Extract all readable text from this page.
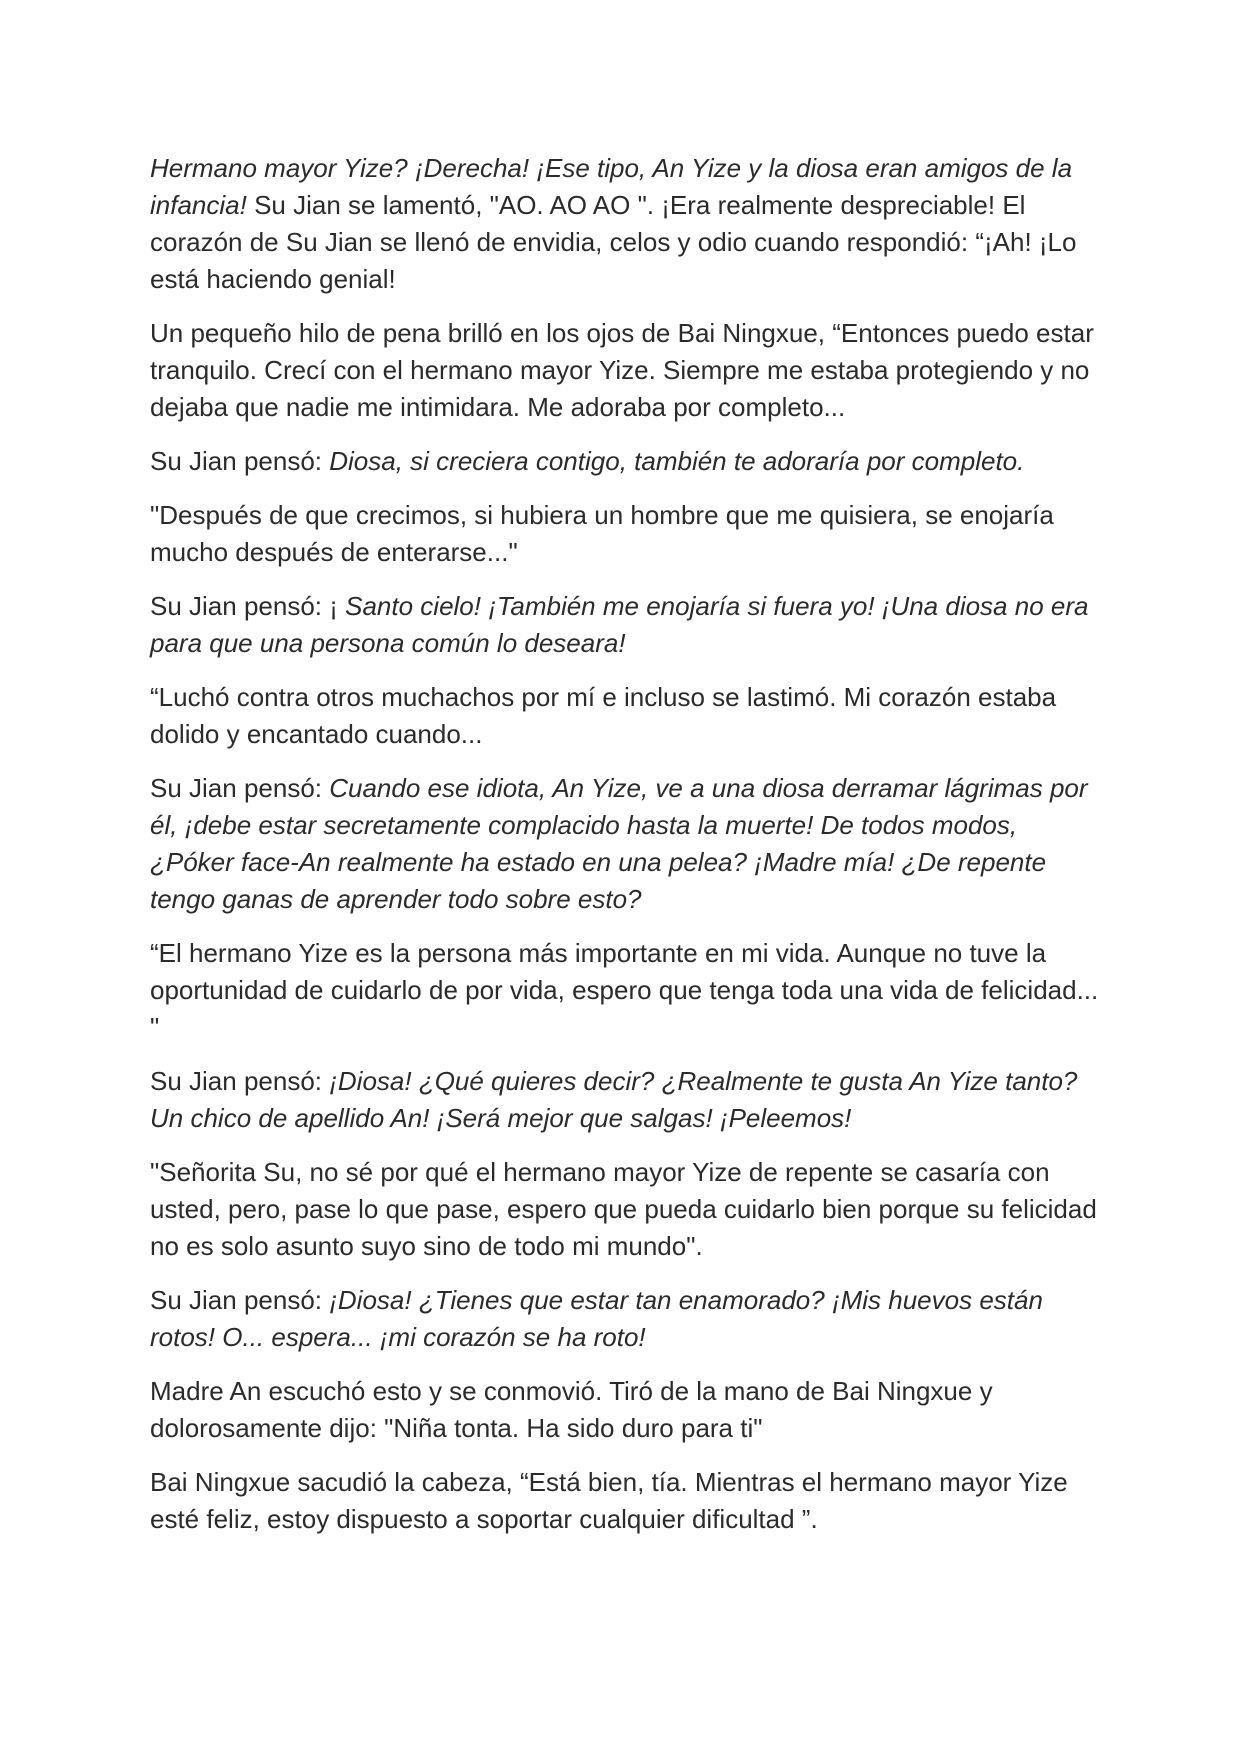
Hermano mayor Yize? ¡Derecha! ¡Ese tipo, An Yize y la diosa eran amigos de la infancia! Su Jian se lamentó, "AO. AO AO ". ¡Era realmente despreciable! El corazón de Su Jian se llenó de envidia, celos y odio cuando respondió: “¡Ah! ¡Lo está haciendo genial!

Un pequeño hilo de pena brilló en los ojos de Bai Ningxue, “Entonces puedo estar tranquilo. Crecí con el hermano mayor Yize. Siempre me estaba protegiendo y no dejaba que nadie me intimidara. Me adoraba por completo...

Su Jian pensó: Diosa, si creciera contigo, también te adoraría por completo.

"Después de que crecimos, si hubiera un hombre que me quisiera, se enojaría mucho después de enterarse..."

Su Jian pensó: ¡ Santo cielo! ¡También me enojaría si fuera yo! ¡Una diosa no era para que una persona común lo deseara!

“Luchó contra otros muchachos por mí e incluso se lastimó. Mi corazón estaba dolido y encantado cuando...

Su Jian pensó: Cuando ese idiota, An Yize, ve a una diosa derramar lágrimas por él, ¡debe estar secretamente complacido hasta la muerte! De todos modos, ¿Póker face-An realmente ha estado en una pelea? ¡Madre mía! ¿De repente tengo ganas de aprender todo sobre esto?

“El hermano Yize es la persona más importante en mi vida. Aunque no tuve la oportunidad de cuidarlo de por vida, espero que tenga toda una vida de felicidad... "

Su Jian pensó: ¡Diosa! ¿Qué quieres decir? ¿Realmente te gusta An Yize tanto? Un chico de apellido An! ¡Será mejor que salgas! ¡Peleemos!

"Señorita Su, no sé por qué el hermano mayor Yize de repente se casaría con usted, pero, pase lo que pase, espero que pueda cuidarlo bien porque su felicidad no es solo asunto suyo sino de todo mi mundo".

Su Jian pensó: ¡Diosa! ¿Tienes que estar tan enamorado? ¡Mis huevos están rotos! O... espera... ¡mi corazón se ha roto!

Madre An escuchó esto y se conmovió. Tiró de la mano de Bai Ningxue y dolorosamente dijo: "Niña tonta. Ha sido duro para ti"

Bai Ningxue sacudió la cabeza, “Está bien, tía. Mientras el hermano mayor Yize esté feliz, estoy dispuesto a soportar cualquier dificultad ”.
